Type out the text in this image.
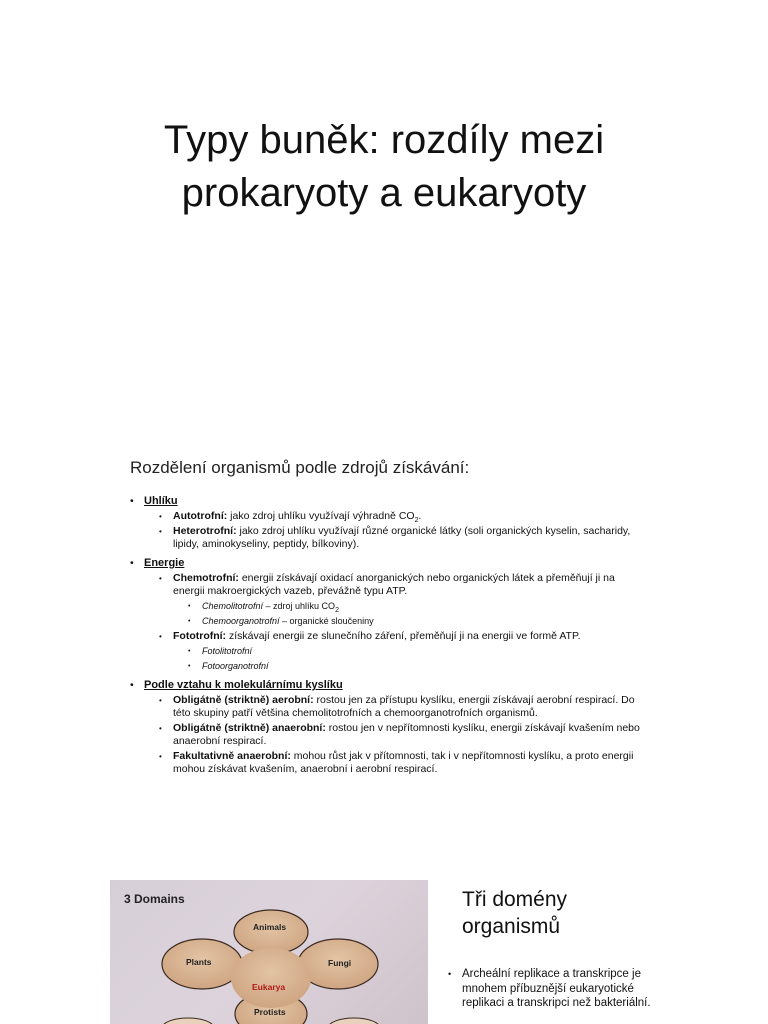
Typy buněk: rozdíly mezi
prokaryoty a eukaryoty
Rozdělení organismů podle zdrojů získávání:
• Uhlíku
• Autotrofní: jako zdroj uhlíku využívají výhradně $CO_2$.
• Heterotrofní: jako zdroj uhlíku využívají různé organické látky (soli organických kyselin, sacharidy, lipidy, aminokyseliny, peptidy, bílkoviny).
• Energie
• Chemotrofní: energii získávají oxidací anorganických nebo organických látek a přeměňují ji na energii makroergických vazeb, převážně typu ATP.
• Chemolitotrofní – zdroj uhlíku $CO_2$
• Chemoorganotrofní – organické sloučeniny
• Fototrofní: získávají energii ze slunečního záření, přeměňují ji na energii ve formě ATP.
• Fotolitotrofní
• Fotoorganotrofní
• Podle vztahu k molekulárnímu kyslíku
• Obligátně (striktně) aerobní: rostou jen za přístupu kyslíku, energii získávají aerobní respirací. Do této skupiny patří většina chemolitotrofních a chemoorganotrofních organismů.
• Obligátně (striktně) anaerobní: rostou jen v nepřítomnosti kyslíku, energii získávají kvašením nebo anaerobní respirací.
• Fakultativně anaerobní: mohou růst jak v přítomnosti, tak i v nepřítomnosti kyslíku, a proto energii mohou získávat kvašením, anaerobní i aerobní respirací.
3 Domains
Animals
Plants	Fungi
Eukarya
Protists
Tři domény
organismů
• Archeální replikace a transkripce je mnohem příbuznější eukaryotické replikaci a transkripci než bakteriální.
